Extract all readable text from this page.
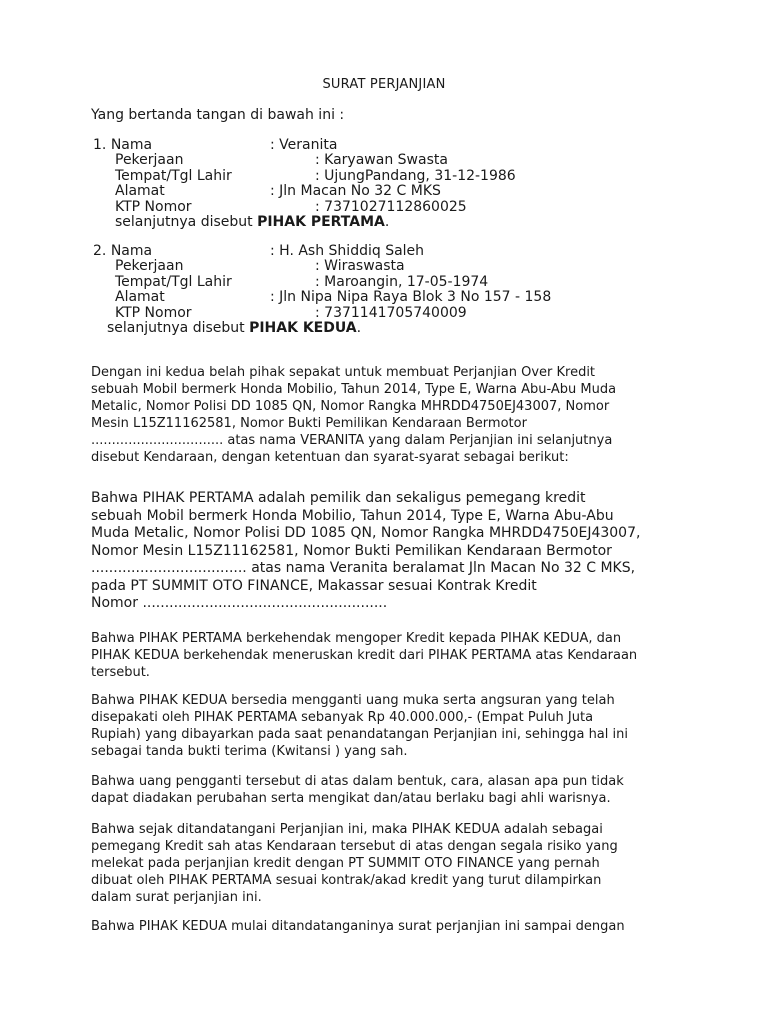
SURAT PERJANJIAN
Yang bertanda tangan di bawah ini :
1. Nama	: Veranita
Pekerjaan	: Karyawan Swasta
Tempat/Tgl Lahir	: UjungPandang, 31-12-1986
Alamat	: Jln Macan No 32 C MKS
KTP Nomor	: 7371027112860025
selanjutnya disebut PIHAK PERTAMA.
2. Nama	: H. Ash Shiddiq Saleh
Pekerjaan	: Wiraswasta
Tempat/Tgl Lahir	: Maroangin, 17-05-1974
Alamat	: Jln Nipa Nipa Raya Blok 3 No 157 - 158
KTP Nomor	: 7371141705740009
selanjutnya disebut PIHAK KEDUA.
Dengan ini kedua belah pihak sepakat untuk membuat Perjanjian Over Kredit
sebuah Mobil bermerk Honda Mobilio, Tahun 2014, Type E, Warna Abu-Abu Muda
Metalic, Nomor Polisi DD 1085 QN, Nomor Rangka MHRDD4750EJ43007, Nomor
Mesin L15Z11162581, Nomor Bukti Pemilikan Kendaraan Bermotor
................................ atas nama VERANITA yang dalam Perjanjian ini selanjutnya
disebut Kendaraan, dengan ketentuan dan syarat-syarat sebagai berikut:
Bahwa PIHAK PERTAMA adalah pemilik dan sekaligus pemegang kredit
sebuah Mobil bermerk Honda Mobilio, Tahun 2014, Type E, Warna Abu-Abu
Muda Metalic, Nomor Polisi DD 1085 QN, Nomor Rangka MHRDD4750EJ43007,
Nomor Mesin L15Z11162581, Nomor Bukti Pemilikan Kendaraan Bermotor
................................... atas nama Veranita beralamat Jln Macan No 32 C MKS,
pada PT SUMMIT OTO FINANCE, Makassar sesuai Kontrak Kredit
Nomor .......................................................
Bahwa PIHAK PERTAMA berkehendak mengoper Kredit kepada PIHAK KEDUA, dan
PIHAK KEDUA berkehendak meneruskan kredit dari PIHAK PERTAMA atas Kendaraan
tersebut.
Bahwa PIHAK KEDUA bersedia mengganti uang muka serta angsuran yang telah
disepakati oleh PIHAK PERTAMA sebanyak Rp 40.000.000,- (Empat Puluh Juta
Rupiah) yang dibayarkan pada saat penandatangan Perjanjian ini, sehingga hal ini
sebagai tanda bukti terima (Kwitansi ) yang sah.
Bahwa uang pengganti tersebut di atas dalam bentuk, cara, alasan apa pun tidak
dapat diadakan perubahan serta mengikat dan/atau berlaku bagi ahli warisnya.
Bahwa sejak ditandatangani Perjanjian ini, maka PIHAK KEDUA adalah sebagai
pemegang Kredit sah atas Kendaraan tersebut di atas dengan segala risiko yang
melekat pada perjanjian kredit dengan PT SUMMIT OTO FINANCE yang pernah
dibuat oleh PIHAK PERTAMA sesuai kontrak/akad kredit yang turut dilampirkan
dalam surat perjanjian ini.
Bahwa PIHAK KEDUA mulai ditandatanganinya surat perjanjian ini sampai dengan
